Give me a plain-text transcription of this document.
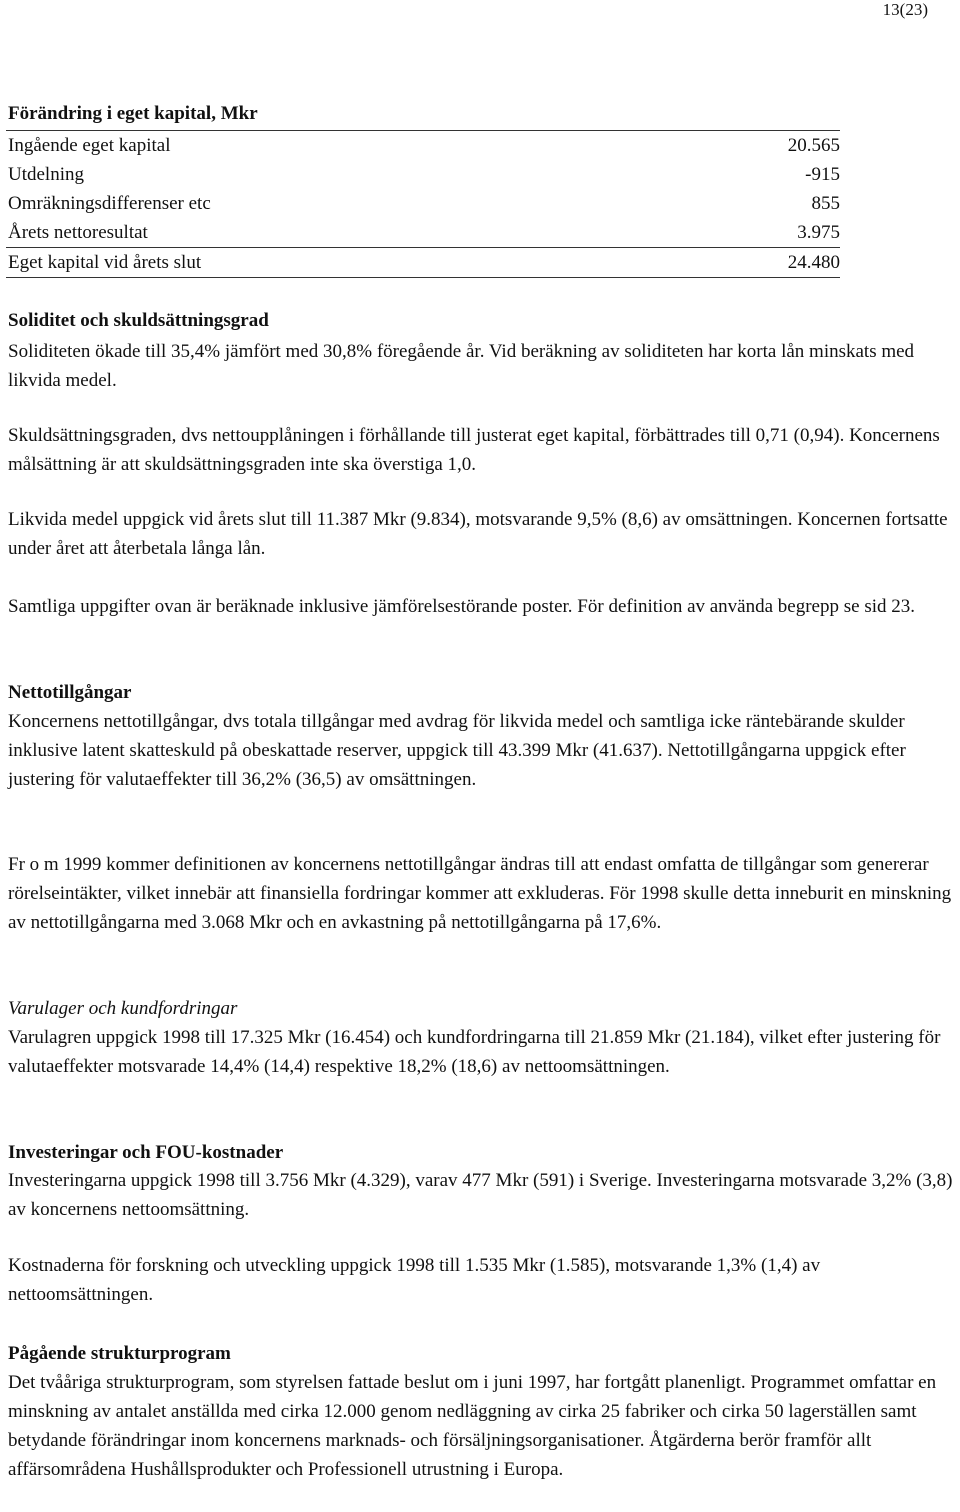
13(23)
Förändring i eget kapital, Mkr
Ingående eget kapital	20.565
Utdelning	-915
Omräkningsdifferenser etc	855
Årets nettoresultat	3.975
Eget kapital vid årets slut	24.480
Soliditet och skuldsättningsgrad
Soliditeten ökade till 35,4% jämfört med 30,8% föregående år. Vid beräkning av soliditeten har korta lån minskats med likvida medel.
Skuldsättningsgraden, dvs nettoupplåningen i förhållande till justerat eget kapital, förbättrades till 0,71 (0,94). Koncernens målsättning är att skuldsättningsgraden inte ska överstiga 1,0.
Likvida medel uppgick vid årets slut till 11.387 Mkr (9.834), motsvarande 9,5% (8,6) av omsättningen. Koncernen fortsatte under året att återbetala långa lån.
Samtliga uppgifter ovan är beräknade inklusive jämförelsestörande poster. För definition av använda begrepp se sid 23.
Nettotillgångar
Koncernens nettotillgångar, dvs totala tillgångar med avdrag för likvida medel och samtliga icke räntebärande skulder inklusive latent skatteskuld på obeskattade reserver, uppgick till 43.399 Mkr (41.637). Nettotillgångarna uppgick efter justering för valutaeffekter till 36,2% (36,5) av omsättningen.
Fr o m 1999 kommer definitionen av koncernens nettotillgångar ändras till att endast omfatta de tillgångar som genererar rörelseintäkter, vilket innebär att finansiella fordringar kommer att exkluderas. För 1998 skulle detta inneburit en minskning av nettotillgångarna med 3.068 Mkr och en avkastning på nettotillgångarna på 17,6%.
Varulager och kundfordringar
Varulagren uppgick 1998 till 17.325 Mkr (16.454) och kundfordringarna till 21.859 Mkr (21.184), vilket efter justering för valutaeffekter motsvarade 14,4% (14,4) respektive 18,2% (18,6) av nettoomsättningen.
Investeringar och FOU-kostnader
Investeringarna uppgick 1998 till 3.756 Mkr (4.329), varav 477 Mkr (591) i Sverige. Investeringarna motsvarade 3,2% (3,8) av koncernens nettoomsättning.
Kostnaderna för forskning och utveckling uppgick 1998 till 1.535 Mkr (1.585), motsvarande 1,3% (1,4) av nettoomsättningen.
Pågående strukturprogram
Det tvååriga strukturprogram, som styrelsen fattade beslut om i juni 1997, har fortgått planenligt. Programmet omfattar en minskning av antalet anställda med cirka 12.000 genom nedläggning av cirka 25 fabriker och cirka 50 lagerställen samt betydande förändringar inom koncernens marknads- och försäljningsorganisationer. Åtgärderna berör framför allt affärsområdena Hushållsprodukter och Professionell utrustning i Europa.
